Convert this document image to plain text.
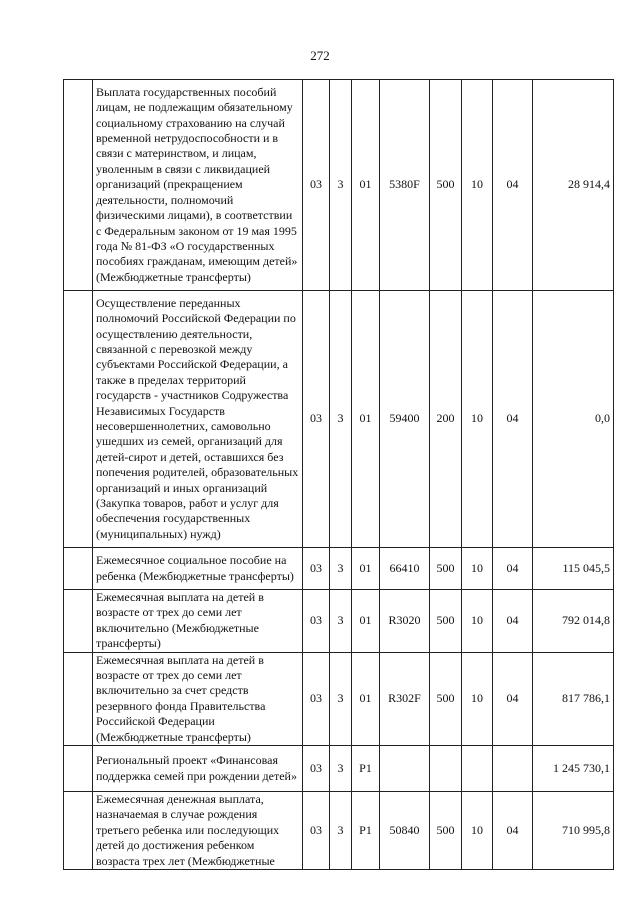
272
	Выплата государственных пособий лицам, не подлежащим обязательному социальному страхованию на случай временной нетрудоспособности и в связи с материнством, и лицам, уволенным в связи с ликвидацией организаций (прекращением деятельности, полномочий физическими лицами), в соответствии с Федеральным законом от 19 мая 1995 года № 81-ФЗ «О государственных пособиях гражданам, имеющим детей» (Межбюджетные трансферты)	03	3	01	5380F	500	10	04	28 914,4
	Осуществление переданных полномочий Российской Федерации по осуществлению деятельности, связанной с перевозкой между субъектами Российской Федерации, а также в пределах территорий государств - участников Содружества Независимых Государств несовершеннолетних, самовольно ушедших из семей, организаций для детей-сирот и детей, оставшихся без попечения родителей, образовательных организаций и иных организаций (Закупка товаров, работ и услуг для обеспечения государственных (муниципальных) нужд)	03	3	01	59400	200	10	04	0,0
	Ежемесячное социальное пособие на ребенка (Межбюджетные трансферты)	03	3	01	66410	500	10	04	115 045,5
	Ежемесячная выплата на детей в возрасте от трех до семи лет включительно (Межбюджетные трансферты)	03	3	01	R3020	500	10	04	792 014,8
	Ежемесячная выплата на детей в возрасте от трех до семи лет включительно за счет средств резервного фонда Правительства Российской Федерации (Межбюджетные трансферты)	03	3	01	R302F	500	10	04	817 786,1
	Региональный проект «Финансовая поддержка семей при рождении детей»	03	3	P1					1 245 730,1
	Ежемесячная денежная выплата, назначаемая в случае рождения третьего ребенка или последующих детей до достижения ребенком возраста трех лет (Межбюджетные	03	3	P1	50840	500	10	04	710 995,8
